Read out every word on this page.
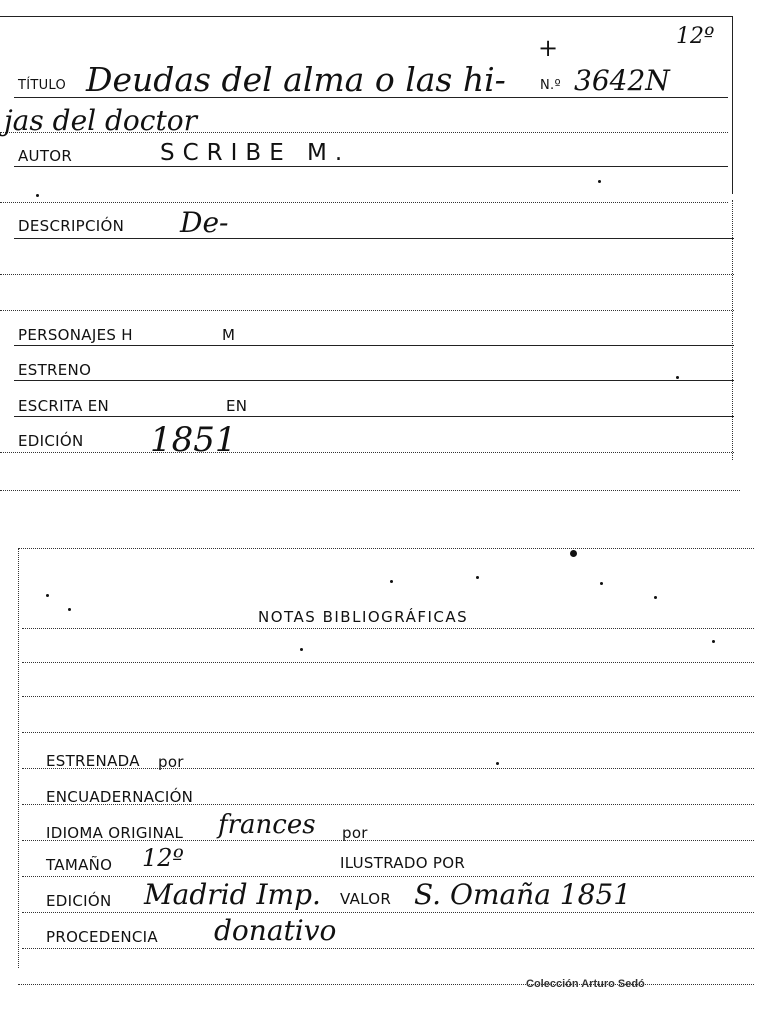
12º
+
TÍTULO Deudas del alma o las hi-	N.º 3642N
jas del doctor
AUTOR	SCRIBE M.
DESCRIPCIÓN De-
PERSONAJES H	M
ESTRENO
ESCRITA EN	EN
EDICIÓN 1851
NOTAS BIBLIOGRÁFICAS
ESTRENADA por
ENCUADERNACIÓN
IDIOMA ORIGINAL frances por
TAMAÑO 12º	ILUSTRADO POR
EDICIÓN Madrid Imp. VALOR S. Omaña 1851
PROCEDENCIA donativo
Colección Arturo Sedó
